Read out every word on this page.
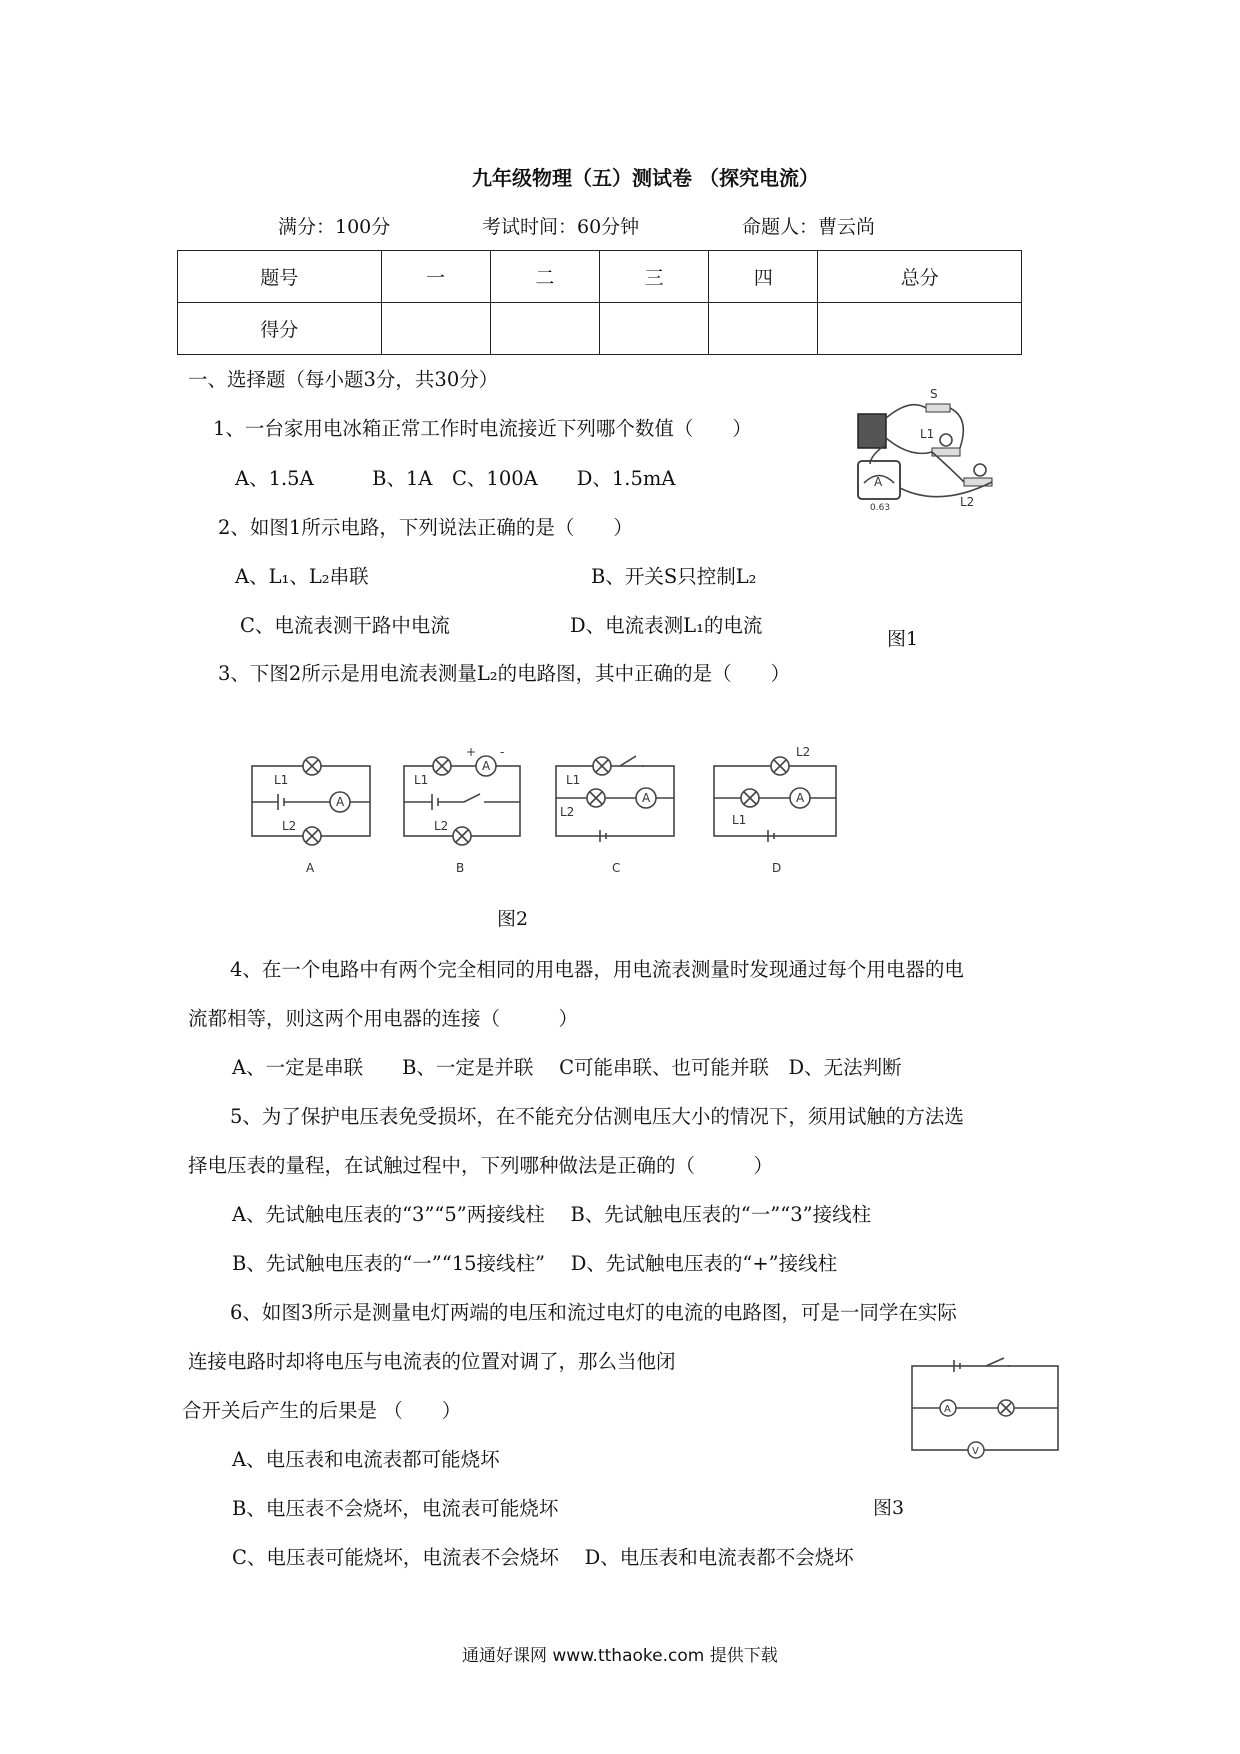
九年级物理（五）测试卷 （探究电流）
满分：100分	考试时间：60分钟	命题人：曹云尚
题号	一	二	三	四	总分
得分					
一、选择题（每小题3分，共30分）
1、一台家用电冰箱正常工作时电流接近下列哪个数值（　　）
A、1.5A　　　B、1A　C、100A　　D、1.5mA
2、如图1所示电路，下列说法正确的是（　　）
A、L₁、L₂串联	B、开关S只控制L₂
C、电流表测干路中电流	D、电流表测L₁的电流
图1
3、下图2所示是用电流表测量L₂的电路图，其中正确的是（　　）
A
0.63
S
L1
L2
A
L1
L2
A
A
+ -
L1
L2
B
A
L1
L2
C
A
L2
L1
D
图2
4、在一个电路中有两个完全相同的用电器，用电流表测量时发现通过每个用电器的电
流都相等，则这两个用电器的连接（　　　）
A、一定是串联　　B、一定是并联　 C可能串联、也可能并联　D、无法判断
5、为了保护电压表免受损坏，在不能充分估测电压大小的情况下，须用试触的方法选
择电压表的量程，在试触过程中，下列哪种做法是正确的（　　　）
A、先试触电压表的“3”“5”两接线柱　 B、先试触电压表的“一”“3”接线柱
B、先试触电压表的“一”“15接线柱”　 D、先试触电压表的“+”接线柱
6、如图3所示是测量电灯两端的电压和流过电灯的电流的电路图，可是一同学在实际
连接电路时却将电压与电流表的位置对调了，那么当他闭
合开关后产生的后果是 （　　）
A、电压表和电流表都可能烧坏
B、电压表不会烧坏，电流表可能烧坏
C、电压表可能烧坏，电流表不会烧坏　 D、电压表和电流表都不会烧坏
A
V
图3
通通好课网 www.tthaoke.com 提供下载
